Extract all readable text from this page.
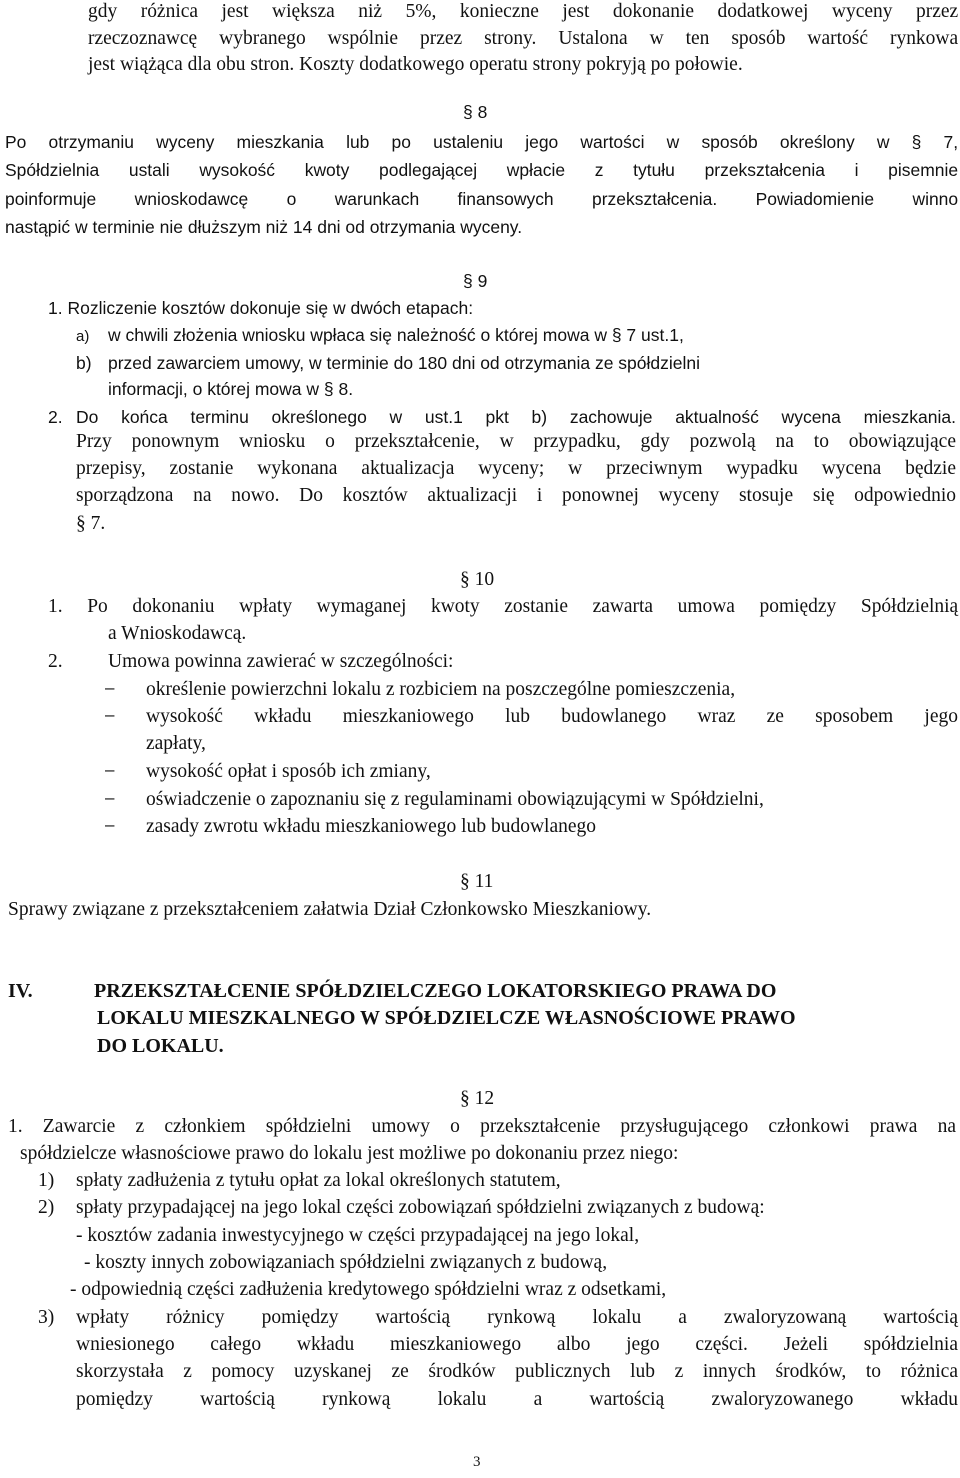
gdy różnica jest większa niż 5%, konieczne jest dokonanie dodatkowej wyceny przez
rzeczoznawcę wybranego wspólnie przez strony. Ustalona w ten sposób wartość rynkowa
jest wiążąca dla obu stron. Koszty dodatkowego operatu strony pokryją po połowie.
§ 8
Po otrzymaniu wyceny mieszkania lub po ustaleniu jego wartości w sposób określony w § 7,
Spółdzielnia ustali wysokość kwoty podlegającej wpłacie z tytułu przekształcenia i pisemnie
poinformuje wnioskodawcę o warunkach finansowych przekształcenia. Powiadomienie winno
nastąpić w terminie nie dłuższym niż 14 dni od otrzymania wyceny.
§ 9
1. Rozliczenie kosztów dokonuje się w dwóch etapach:
a) w chwili złożenia wniosku wpłaca się należność o której mowa w § 7 ust.1,
b) przed zawarciem umowy, w terminie do 180 dni od otrzymania ze spółdzielni
informacji, o której mowa w § 8.
2. Do końca terminu określonego w ust.1 pkt b) zachowuje aktualność wycena mieszkania.
Przy ponownym wniosku o przekształcenie, w przypadku, gdy pozwolą na to obowiązujące
przepisy, zostanie wykonana aktualizacja wyceny; w przeciwnym wypadku wycena będzie
sporządzona na nowo. Do kosztów aktualizacji i ponownej wyceny stosuje się odpowiednio
§ 7.
§ 10
1. Po dokonaniu wpłaty wymaganej kwoty zostanie zawarta umowa pomiędzy Spółdzielnią
a Wnioskodawcą.
2. Umowa powinna zawierać w szczególności:
– określenie powierzchni lokalu z rozbiciem na poszczególne pomieszczenia,
– wysokość wkładu mieszkaniowego lub budowlanego wraz ze sposobem jego
zapłaty,
– wysokość opłat i sposób ich zmiany,
– oświadczenie o zapoznaniu się z regulaminami obowiązującymi w Spółdzielni,
– zasady zwrotu wkładu mieszkaniowego lub budowlanego
§ 11
Sprawy związane z przekształceniem załatwia Dział Członkowsko Mieszkaniowy.
IV.	PRZEKSZTAŁCENIE SPÓŁDZIELCZEGO LOKATORSKIEGO PRAWA DO
LOKALU MIESZKALNEGO W SPÓŁDZIELCZE WŁASNOŚCIOWE PRAWO
DO LOKALU.
§ 12
1. Zawarcie z członkiem spółdzielni umowy o przekształcenie przysługującego członkowi prawa na
spółdzielcze własnościowe prawo do lokalu jest możliwe po dokonaniu przez niego:
1) spłaty zadłużenia z tytułu opłat za lokal określonych statutem,
2) spłaty przypadającej na jego lokal części zobowiązań spółdzielni związanych z budową:
- kosztów zadania inwestycyjnego w części przypadającej na jego lokal,
- koszty innych zobowiązaniach spółdzielni związanych z budową,
- odpowiednią części zadłużenia kredytowego spółdzielni wraz z odsetkami,
3) wpłaty różnicy pomiędzy wartością rynkową lokalu a zwaloryzowaną wartością
wniesionego całego wkładu mieszkaniowego albo jego części. Jeżeli spółdzielnia
skorzystała z pomocy uzyskanej ze środków publicznych lub z innych środków, to różnica
pomiędzy wartością rynkową lokalu a wartością zwaloryzowanego wkładu
3
